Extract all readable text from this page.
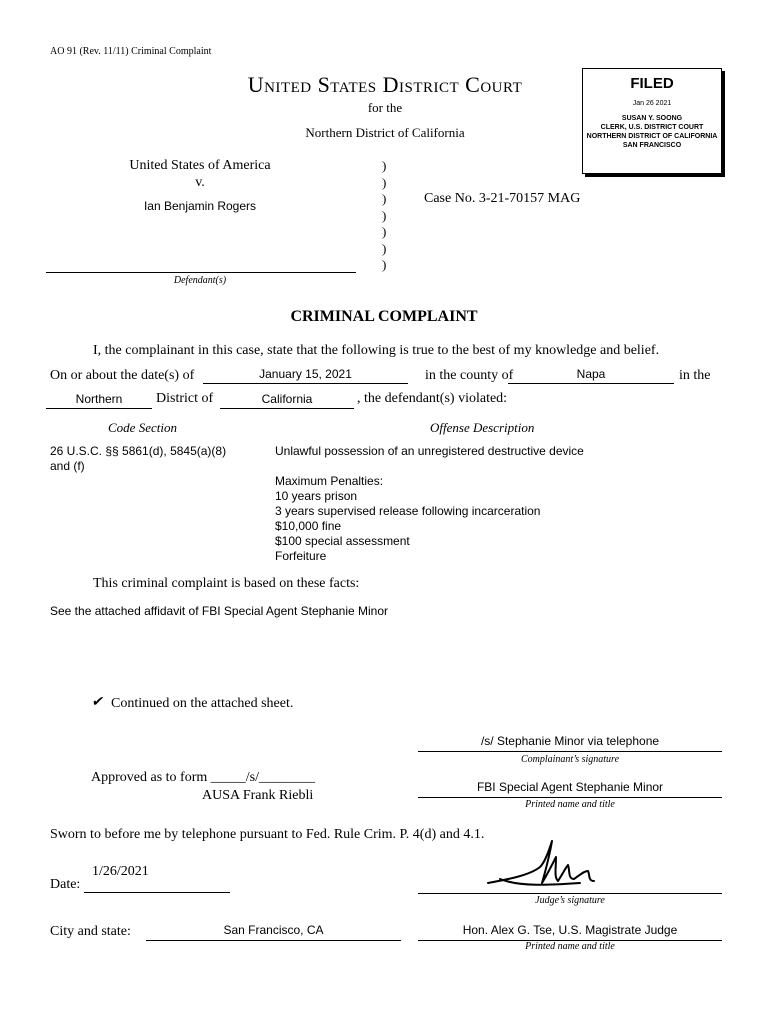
AO 91 (Rev. 11/11) Criminal Complaint
United States District Court
for the
Northern District of California
FILED
Jan 26 2021
SUSAN Y. SOONG
CLERK, U.S. DISTRICT COURT
NORTHERN DISTRICT OF CALIFORNIA
SAN FRANCISCO
United States of America
v.
Ian Benjamin Rogers
Defendant(s)
)
)
)
)
)
)
)
Case No. 3-21-70157 MAG
CRIMINAL COMPLAINT
I, the complainant in this case, state that the following is true to the best of my knowledge and belief.
On or about the date(s) of	January 15, 2021	in the county of	Napa	in the
Northern	District of	California	, the defendant(s) violated:
Code Section	Offense Description
26 U.S.C. §§ 5861(d), 5845(a)(8)
and (f)
Unlawful possession of an unregistered destructive device
Maximum Penalties:
10 years prison
3 years supervised release following incarceration
$10,000 fine
$100 special assessment
Forfeiture
This criminal complaint is based on these facts:
See the attached affidavit of FBI Special Agent Stephanie Minor
✔ Continued on the attached sheet.
/s/ Stephanie Minor via telephone
Complainant’s signature
FBI Special Agent Stephanie Minor
Printed name and title
Approved as to form _____/s/________
AUSA Frank Riebli
Sworn to before me by telephone pursuant to Fed. Rule Crim. P. 4(d) and 4.1.
Date:
1/26/2021
Judge’s signature
City and state:	San Francisco, CA	Hon. Alex G. Tse, U.S. Magistrate Judge
Printed name and title
